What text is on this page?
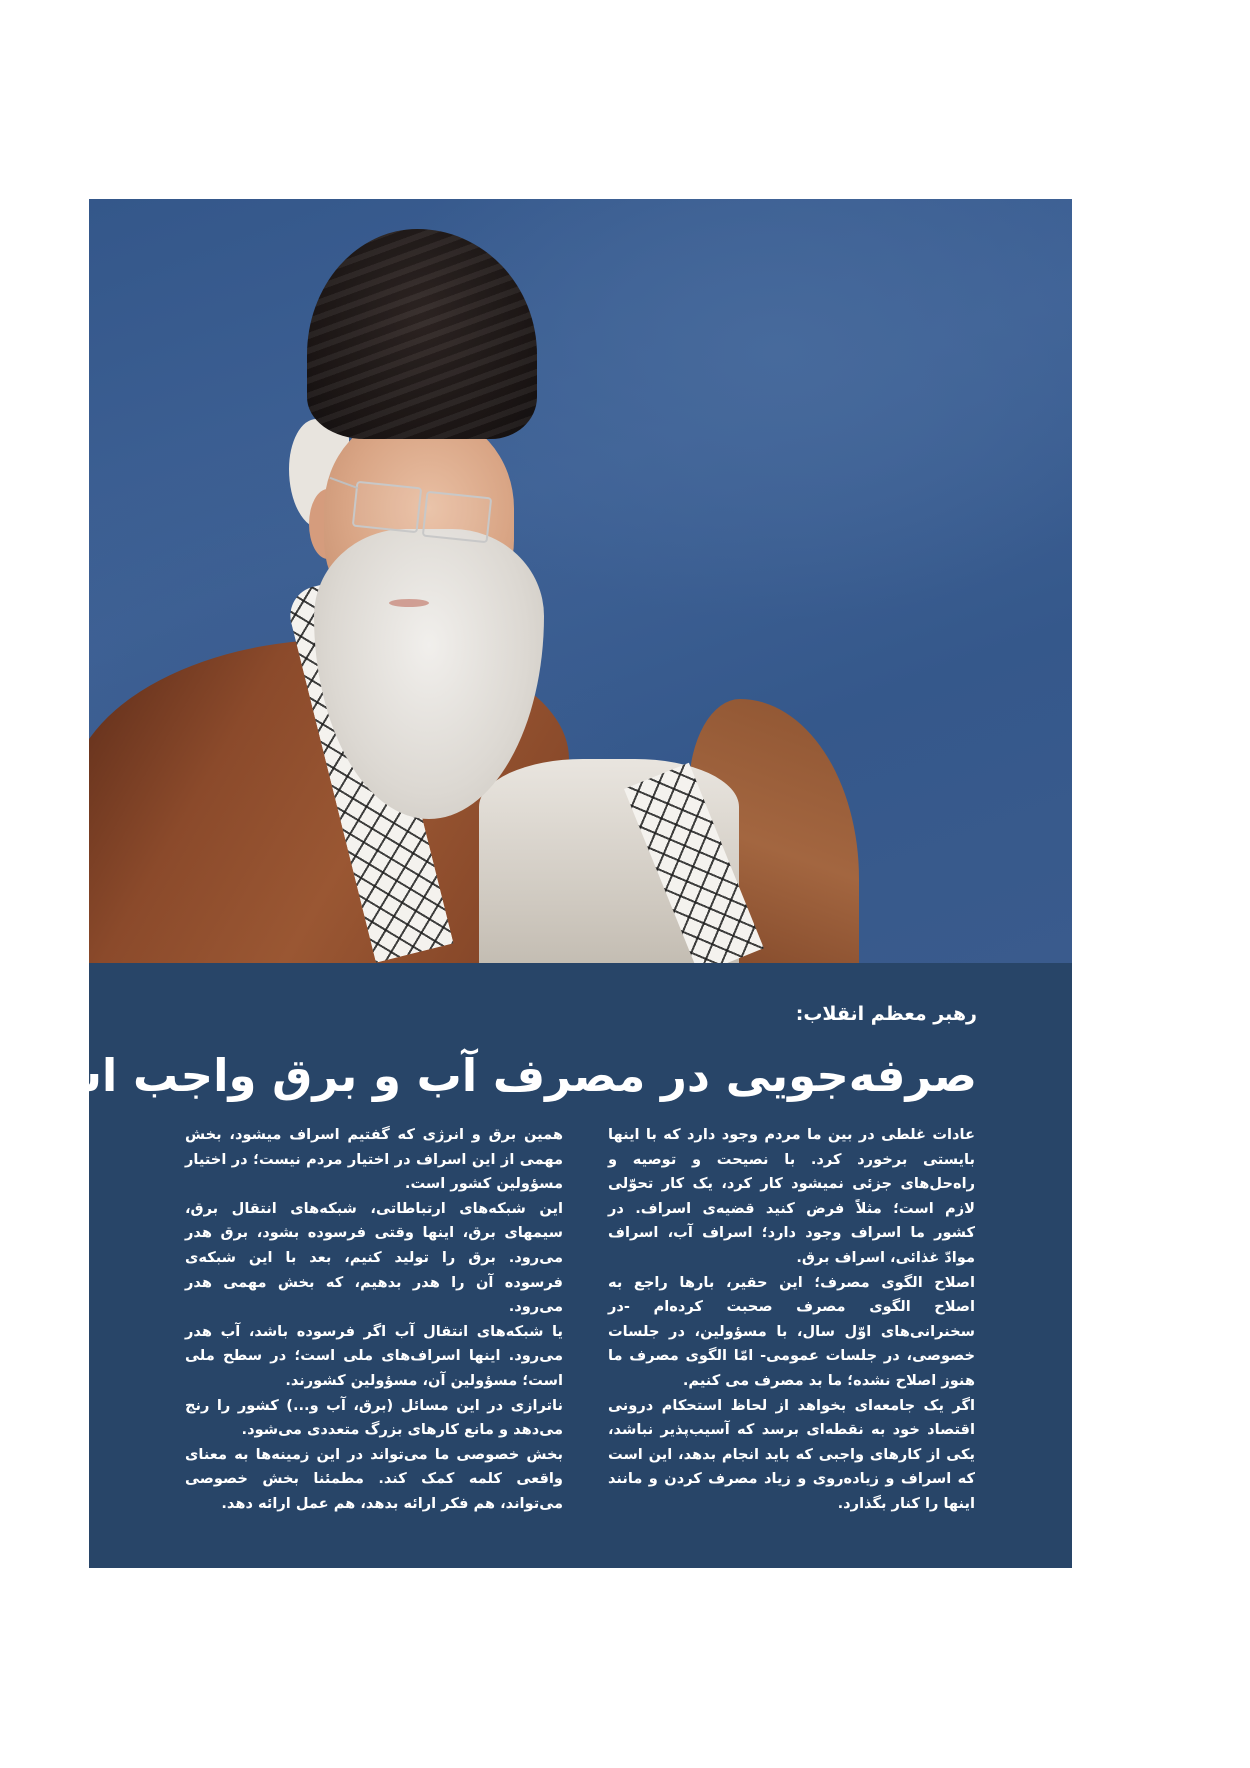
رهبر معظم انقلاب:
صرفه‌جویی در مصرف آب و برق واجب است

عادات غلطی در بین ما مردم وجود دارد که با اینها بایستی برخورد کرد. با نصیحت و توصیه و راه‌حل‌های جزئی نمیشود کار کرد، یک کار تحوّلی لازم است؛ مثلاً فرض کنید قضیه‌ی اسراف. در کشور ما اسراف وجود دارد؛ اسراف آب، اسراف موادّ غذائی، اسراف برق.

اصلاح الگوی مصرف؛ این حقیر، بارها راجع به اصلاح الگوی مصرف صحبت کرده‌ام -در سخنرانی‌های اوّل سال، با مسؤولین، در جلسات خصوصی، در جلسات عمومی- امّا الگوی مصرف ما هنوز اصلاح نشده؛ ما بد مصرف می کنیم.

اگر یک جامعه‌ای بخواهد از لحاظ استحکام درونی اقتصاد خود به نقطه‌ای برسد که آسیب‌پذیر نباشد، یکی از کارهای واجبی که باید انجام بدهد، این است که اسراف و زیاده‌روی و زیاد مصرف کردن و مانند اینها را کنار بگذارد.

همین برق و انرژی که گفتیم اسراف میشود، بخش مهمی از این اسراف در اختیار مردم نیست؛ در اختیار مسؤولین کشور است.

این شبکه‌های ارتباطاتی، شبکه‌های انتقال برق، سیمهای برق، اینها وقتی فرسوده بشود، برق هدر می‌رود. برق را تولید کنیم، بعد با این شبکه‌ی فرسوده آن را هدر بدهیم، که بخش مهمی هدر می‌رود.

یا شبکه‌های انتقال آب اگر فرسوده باشد، آب هدر می‌رود. اینها اسراف‌های ملی است؛ در سطح ملی است؛ مسؤولین آن، مسؤولین کشورند.

ناترازی در این مسائل (برق، آب و...) کشور را رنج می‌دهد و مانع کارهای بزرگ متعددی می‌شود.

بخش خصوصی ما می‌تواند در این زمینه‌ها به معنای واقعی کلمه کمک کند. مطمئنا بخش خصوصی می‌تواند، هم فکر ارائه بدهد، هم عمل ارائه دهد.
